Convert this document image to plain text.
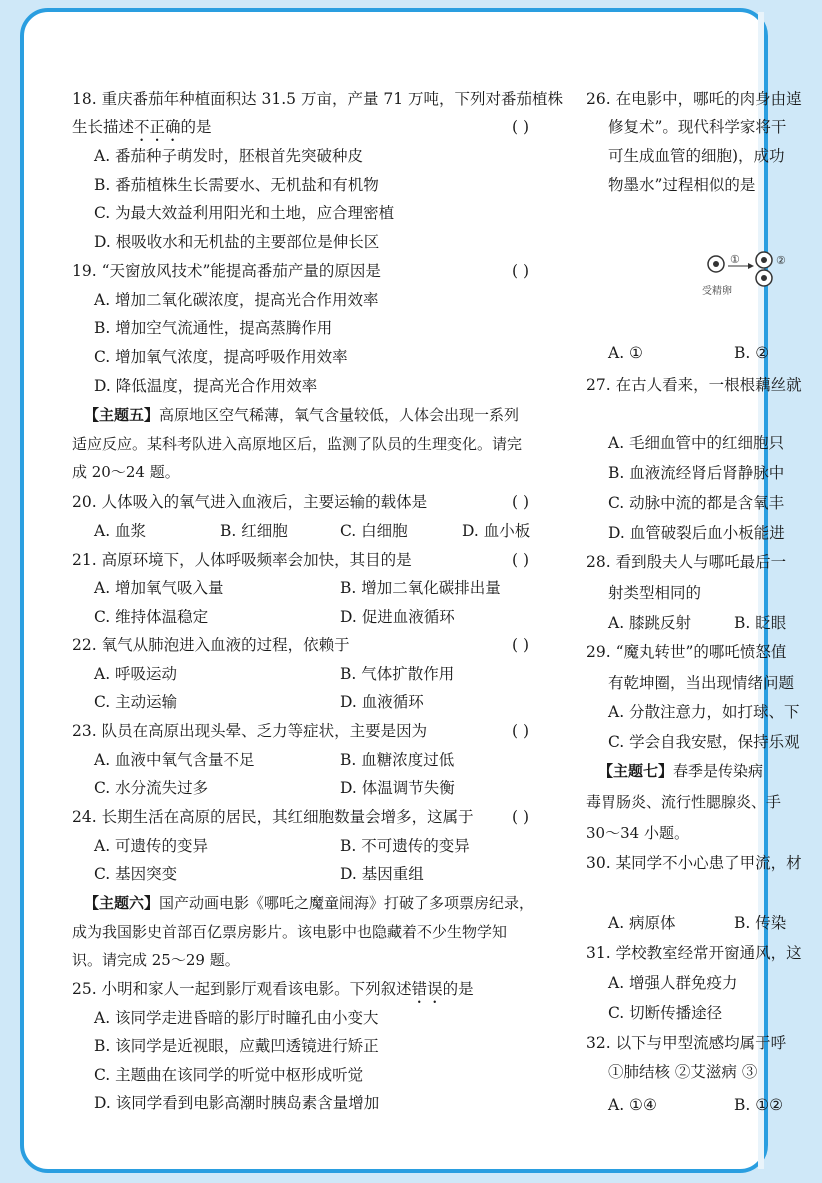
18. 重庆番茄年种植面积达 31.5 万亩，产量 71 万吨，下列对番茄植株
生长描述不正确的是	( )
A. 番茄种子萌发时，胚根首先突破种皮
B. 番茄植株生长需要水、无机盐和有机物
C. 为最大效益利用阳光和土地，应合理密植
D. 根吸收水和无机盐的主要部位是伸长区
19. “天窗放风技术”能提高番茄产量的原因是	( )
A. 增加二氧化碳浓度，提高光合作用效率
B. 增加空气流通性，提高蒸腾作用
C. 增加氧气浓度，提高呼吸作用效率
D. 降低温度，提高光合作用效率
【主题五】高原地区空气稀薄，氧气含量较低，人体会出现一系列
适应反应。某科考队进入高原地区后，监测了队员的生理变化。请完
成 20～24 题。
20. 人体吸入的氧气进入血液后，主要运输的载体是	( )
A. 血浆	B. 红细胞	C. 白细胞	D. 血小板
21. 高原环境下，人体呼吸频率会加快，其目的是	( )
A. 增加氧气吸入量	B. 增加二氧化碳排出量
C. 维持体温稳定	D. 促进血液循环
22. 氧气从肺泡进入血液的过程，依赖于	( )
A. 呼吸运动	B. 气体扩散作用
C. 主动运输	D. 血液循环
23. 队员在高原出现头晕、乏力等症状，主要是因为	( )
A. 血液中氧气含量不足	B. 血糖浓度过低
C. 水分流失过多	D. 体温调节失衡
24. 长期生活在高原的居民，其红细胞数量会增多，这属于 ( )
A. 可遗传的变异	B. 不可遗传的变异
C. 基因突变	D. 基因重组
【主题六】国产动画电影《哪吒之魔童闹海》打破了多项票房纪录，
成为我国影史首部百亿票房影片。该电影中也隐藏着不少生物学知
识。请完成 25～29 题。
25. 小明和家人一起到影厅观看该电影。下列叙述错误的是
A. 该同学走进昏暗的影厅时瞳孔由小变大
B. 该同学是近视眼，应戴凹透镜进行矫正
C. 主题曲在该同学的听觉中枢形成听觉
D. 该同学看到电影高潮时胰岛素含量增加
26. 在电影中，哪吒的肉身由逴
修复术”。现代科学家将干
可生成血管的细胞)，成功
物墨水”过程相似的是
①	②
受精卵
A. ①	B. ②
27. 在古人看来，一根根藕丝就
A. 毛细血管中的红细胞只
B. 血液流经肾后肾静脉中
C. 动脉中流的都是含氧丰
D. 血管破裂后血小板能进
28. 看到殷夫人与哪吒最后一
射类型相同的
A. 膝跳反射	B. 眨眼
29. “魔丸转世”的哪吒愤怒值
有乾坤圈，当出现情绪问题
A. 分散注意力，如打球、下
C. 学会自我安慰，保持乐观
【主题七】春季是传染病
毒胃肠炎、流行性腮腺炎、手
30～34 小题。
30. 某同学不小心患了甲流，材
A. 病原体	B. 传染
31. 学校教室经常开窗通风，这
A. 增强人群免疫力
C. 切断传播途径
32. 以下与甲型流感均属于呼
①肺结核 ②艾滋病 ③
A. ①④	B. ①②
